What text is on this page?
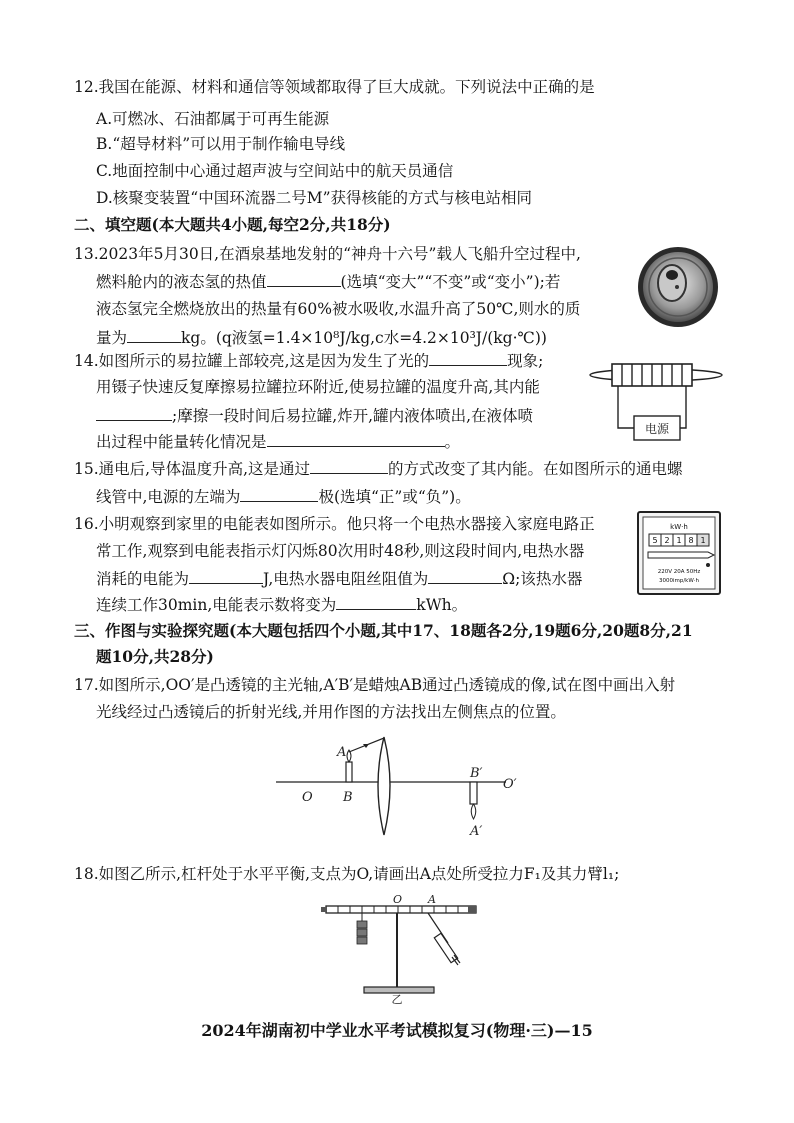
12.我国在能源、材料和通信等领域都取得了巨大成就。下列说法中正确的是
A.可燃冰、石油都属于可再生能源
B.“超导材料”可以用于制作输电导线
C.地面控制中心通过超声波与空间站中的航天员通信
D.核聚变装置“中国环流器二号M”获得核能的方式与核电站相同
二、填空题(本大题共4小题,每空2分,共18分)
13.2023年5月30日,在酒泉基地发射的“神舟十六号”载人飞船升空过程中,
燃料舱内的液态氢的热值	(选填“变大”“不变”或“变小”);若
液态氢完全燃烧放出的热量有60%被水吸收,水温升高了50℃,则水的质
量为	kg。(q液氢=1.4×10⁸J/kg,c水=4.2×10³J/(kg·℃))
14.如图所示的易拉罐上部较亮,这是因为发生了光的	现象;
用镊子快速反复摩擦易拉罐拉环附近,使易拉罐的温度升高,其内能
;摩擦一段时间后易拉罐,炸开,罐内液体喷出,在液体喷
出过程中能量转化情况是	。
电源
15.通电后,导体温度升高,这是通过	的方式改变了其内能。在如图所示的通电螺
线管中,电源的左端为	极(选填“正”或“负”)。
16.小明观察到家里的电能表如图所示。他只将一个电热水器接入家庭电路正
常工作,观察到电能表指示灯闪烁80次用时48秒,则这段时间内,电热水器
消耗的电能为	J,电热水器电阻丝阻值为	Ω;该热水器
连续工作30min,电能表示数将变为	kWh。
kW·h
5 2 1 8 1
220V 20A 50Hz
3000imp/kW·h
三、作图与实验探究题(本大题包括四个小题,其中17、18题各2分,19题6分,20题8分,21
题10分,共28分)
17.如图所示,OO′是凸透镜的主光轴,A′B′是蜡烛AB通过凸透镜成的像,试在图中画出入射
光线经过凸透镜后的折射光线,并用作图的方法找出左侧焦点的位置。
A
B
O
B′
O′
A′
18.如图乙所示,杠杆处于水平平衡,支点为O,请画出A点处所受拉力F₁及其力臂l₁;
O A
乙
2024年湖南初中学业水平考试模拟复习(物理·三)—15
